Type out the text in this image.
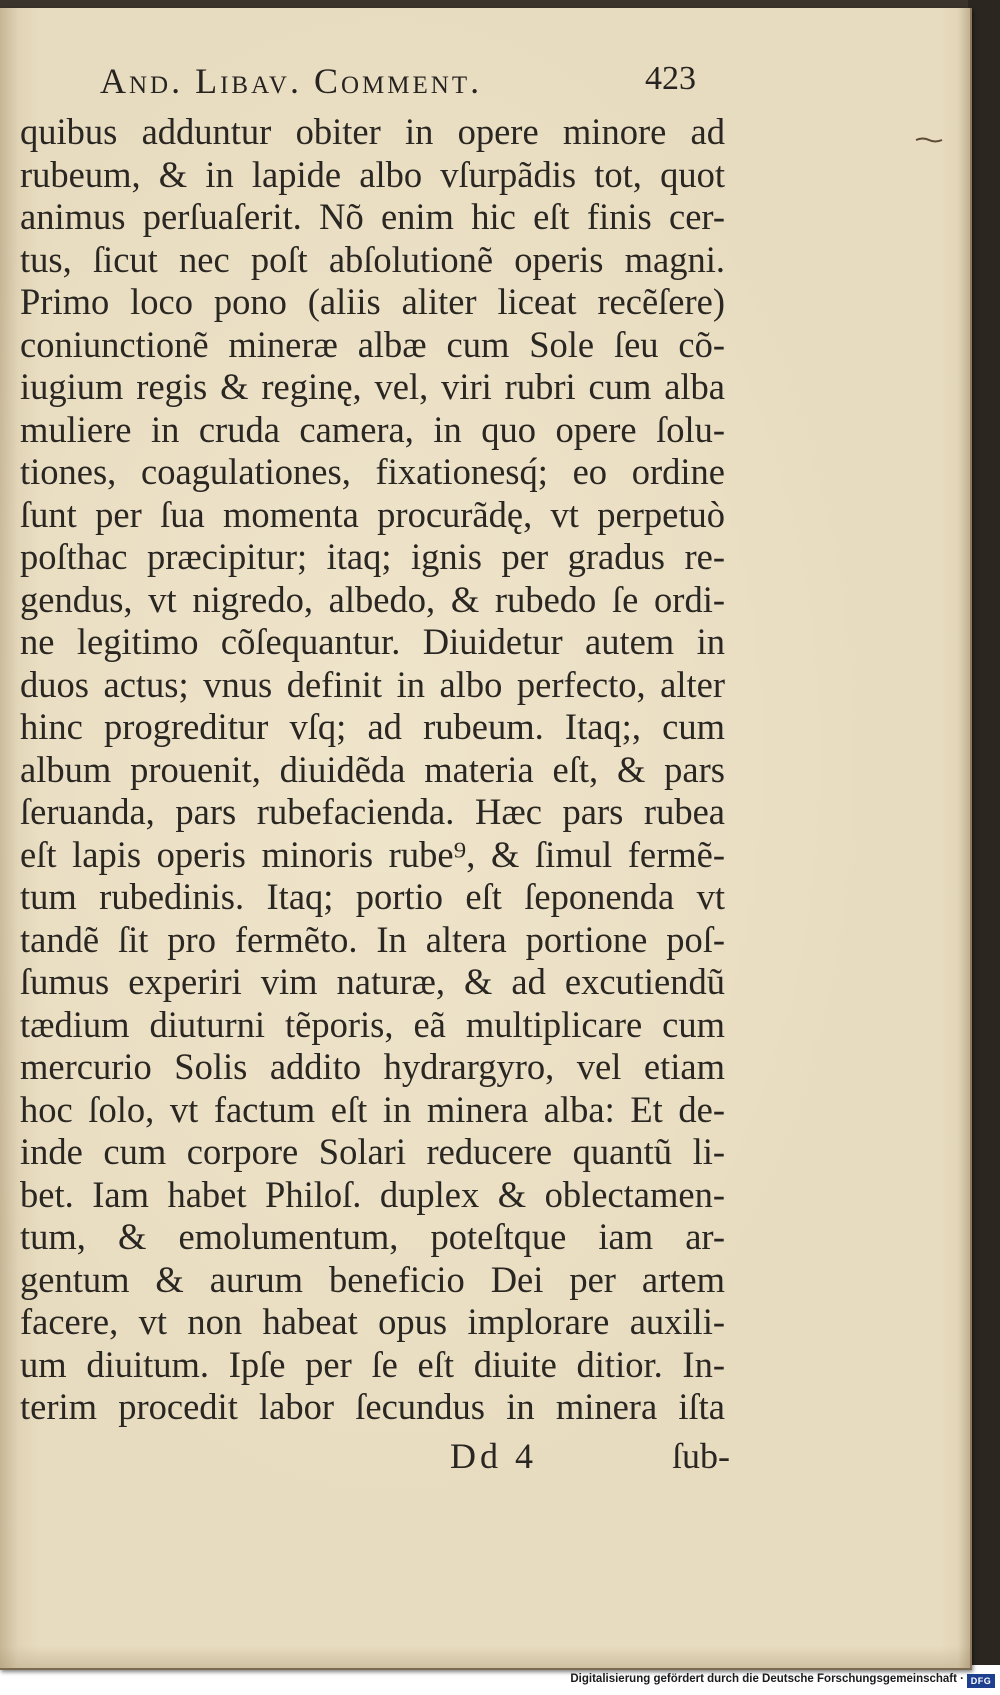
And. Libav. Comment.	423
quibus adduntur obiter in opere minore ad
rubeum, & in lapide albo vſurpãdis tot, quot
animus perſuaſerit. Nõ enim hic eſt finis cer-
tus, ſicut nec poſt abſolutionẽ operis magni.
Primo loco pono (aliis aliter liceat recẽſere)
coniunctionẽ mineræ albæ cum Sole ſeu cõ-
iugium regis & reginę, vel, viri rubri cum alba
muliere in cruda camera, in quo opere ſolu-
tiones, coagulationes, fixationesq́; eo ordine
ſunt per ſua momenta procurãdę, vt perpetuò
poſthac præcipitur; itaq; ignis per gradus re-
gendus, vt nigredo, albedo, & rubedo ſe ordi-
ne legitimo cõſequantur. Diuidetur autem in
duos actus; vnus definit in albo perfecto, alter
hinc progreditur vſq; ad rubeum. Itaq;, cum
album prouenit, diuidẽda materia eſt, & pars
ſeruanda, pars rubefacienda. Hæc pars rubea
eſt lapis operis minoris rube⁹, & ſimul fermẽ-
tum rubedinis. Itaq; portio eſt ſeponenda vt
tandẽ ſit pro fermẽto. In altera portione poſ-
ſumus experiri vim naturæ, & ad excutiendũ
tædium diuturni tẽporis, eã multiplicare cum
mercurio Solis addito hydrargyro, vel etiam
hoc ſolo, vt factum eſt in minera alba: Et de-
inde cum corpore Solari reducere quantũ li-
bet. Iam habet Philoſ. duplex & oblectamen-
tum, & emolumentum, poteſtque iam ar-
gentum & aurum beneficio Dei per artem
facere, vt non habeat opus implorare auxili-
um diuitum. Ipſe per ſe eſt diuite ditior. In-
terim procedit labor ſecundus in minera iſta
Dd 4	ſub-
Digitalisierung gefördert durch die Deutsche Forschungsgemeinschaft · DFG
